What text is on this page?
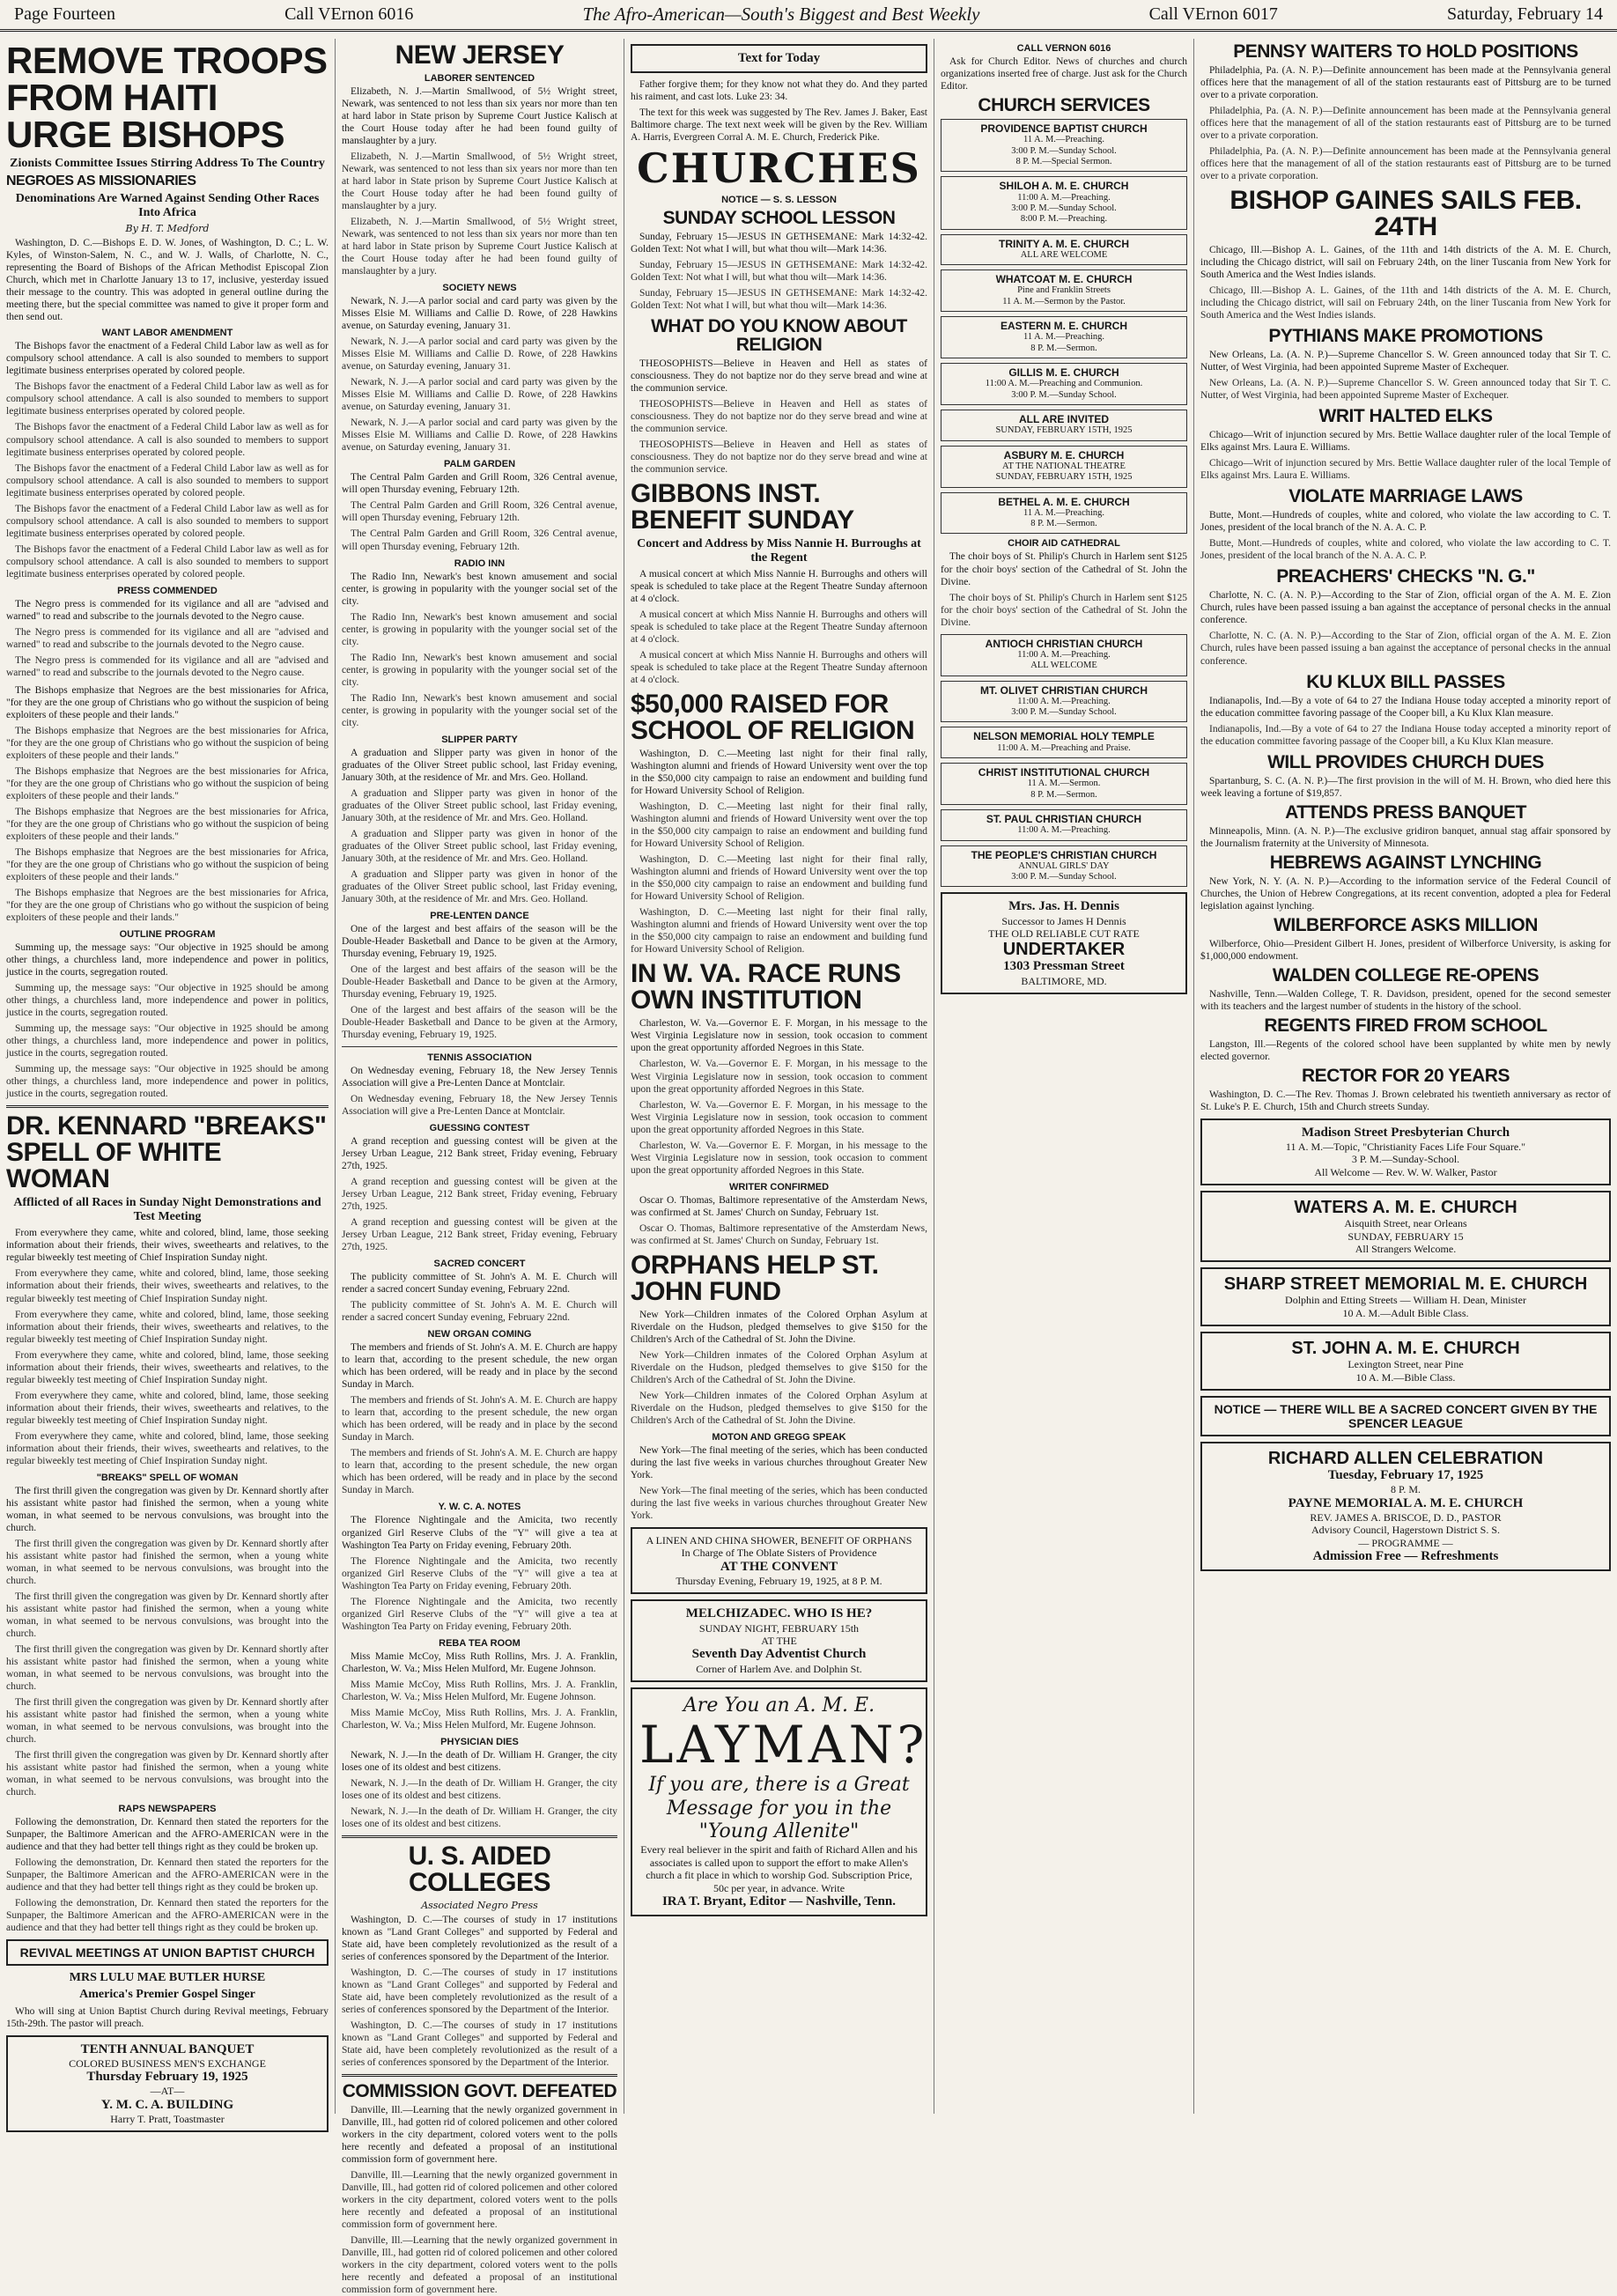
Page Fourteen	Call VErnon 6016	The Afro-American—South's Biggest and Best Weekly	Call VErnon 6017	Saturday, February 14
REMOVE TROOPS FROM HAITI URGE BISHOPS
Zionists Committee Issues Stirring Address To The Country
NEGROES AS MISSIONARIES
Denominations Are Warned Against Sending Other Races Into Africa
By H. T. Medford

Washington, D. C.—Bishops E. D. W. Jones, of Washington, D. C.; L. W. Kyles, of Winston-Salem, N. C., and W. J. Walls, of Charlotte, N. C., representing the Board of Bishops of the African Methodist Episcopal Zion Church, which met in Charlotte January 13 to 17, inclusive, yesterday issued their message to the country. This was adopted in general outline during the meeting there, but the special committee was named to give it proper form and then send out.

WANT LABOR AMENDMENT

The Bishops favor the enactment of a Federal Child Labor law as well as for compulsory school attendance. A call is also sounded to members to support legitimate business enterprises operated by colored people.

The Bishops favor the enactment of a Federal Child Labor law as well as for compulsory school attendance. A call is also sounded to members to support legitimate business enterprises operated by colored people.

The Bishops favor the enactment of a Federal Child Labor law as well as for compulsory school attendance. A call is also sounded to members to support legitimate business enterprises operated by colored people.

The Bishops favor the enactment of a Federal Child Labor law as well as for compulsory school attendance. A call is also sounded to members to support legitimate business enterprises operated by colored people.

The Bishops favor the enactment of a Federal Child Labor law as well as for compulsory school attendance. A call is also sounded to members to support legitimate business enterprises operated by colored people.

The Bishops favor the enactment of a Federal Child Labor law as well as for compulsory school attendance. A call is also sounded to members to support legitimate business enterprises operated by colored people.

PRESS COMMENDED

The Negro press is commended for its vigilance and all are "advised and warned" to read and subscribe to the journals devoted to the Negro cause.

The Negro press is commended for its vigilance and all are "advised and warned" to read and subscribe to the journals devoted to the Negro cause.

The Negro press is commended for its vigilance and all are "advised and warned" to read and subscribe to the journals devoted to the Negro cause.

The Bishops emphasize that Negroes are the best missionaries for Africa, "for they are the one group of Christians who go without the suspicion of being exploiters of these people and their lands."

The Bishops emphasize that Negroes are the best missionaries for Africa, "for they are the one group of Christians who go without the suspicion of being exploiters of these people and their lands."

The Bishops emphasize that Negroes are the best missionaries for Africa, "for they are the one group of Christians who go without the suspicion of being exploiters of these people and their lands."

The Bishops emphasize that Negroes are the best missionaries for Africa, "for they are the one group of Christians who go without the suspicion of being exploiters of these people and their lands."

The Bishops emphasize that Negroes are the best missionaries for Africa, "for they are the one group of Christians who go without the suspicion of being exploiters of these people and their lands."

The Bishops emphasize that Negroes are the best missionaries for Africa, "for they are the one group of Christians who go without the suspicion of being exploiters of these people and their lands."

OUTLINE PROGRAM

Summing up, the message says: "Our objective in 1925 should be among other things, a churchless land, more independence and power in politics, justice in the courts, segregation routed.

Summing up, the message says: "Our objective in 1925 should be among other things, a churchless land, more independence and power in politics, justice in the courts, segregation routed.

Summing up, the message says: "Our objective in 1925 should be among other things, a churchless land, more independence and power in politics, justice in the courts, segregation routed.

Summing up, the message says: "Our objective in 1925 should be among other things, a churchless land, more independence and power in politics, justice in the courts, segregation routed.

DR. KENNARD "BREAKS" SPELL OF WHITE WOMAN
Afflicted of all Races in Sunday Night Demonstrations and Test Meeting

From everywhere they came, white and colored, blind, lame, those seeking information about their friends, their wives, sweethearts and relatives, to the regular biweekly test meeting of Chief Inspiration Sunday night.

From everywhere they came, white and colored, blind, lame, those seeking information about their friends, their wives, sweethearts and relatives, to the regular biweekly test meeting of Chief Inspiration Sunday night.

From everywhere they came, white and colored, blind, lame, those seeking information about their friends, their wives, sweethearts and relatives, to the regular biweekly test meeting of Chief Inspiration Sunday night.

From everywhere they came, white and colored, blind, lame, those seeking information about their friends, their wives, sweethearts and relatives, to the regular biweekly test meeting of Chief Inspiration Sunday night.

From everywhere they came, white and colored, blind, lame, those seeking information about their friends, their wives, sweethearts and relatives, to the regular biweekly test meeting of Chief Inspiration Sunday night.

From everywhere they came, white and colored, blind, lame, those seeking information about their friends, their wives, sweethearts and relatives, to the regular biweekly test meeting of Chief Inspiration Sunday night.

"BREAKS" SPELL OF WOMAN

The first thrill given the congregation was given by Dr. Kennard shortly after his assistant white pastor had finished the sermon, when a young white woman, in what seemed to be nervous convulsions, was brought into the church.

The first thrill given the congregation was given by Dr. Kennard shortly after his assistant white pastor had finished the sermon, when a young white woman, in what seemed to be nervous convulsions, was brought into the church.

The first thrill given the congregation was given by Dr. Kennard shortly after his assistant white pastor had finished the sermon, when a young white woman, in what seemed to be nervous convulsions, was brought into the church.

The first thrill given the congregation was given by Dr. Kennard shortly after his assistant white pastor had finished the sermon, when a young white woman, in what seemed to be nervous convulsions, was brought into the church.

The first thrill given the congregation was given by Dr. Kennard shortly after his assistant white pastor had finished the sermon, when a young white woman, in what seemed to be nervous convulsions, was brought into the church.

The first thrill given the congregation was given by Dr. Kennard shortly after his assistant white pastor had finished the sermon, when a young white woman, in what seemed to be nervous convulsions, was brought into the church.

RAPS NEWSPAPERS

Following the demonstration, Dr. Kennard then stated the reporters for the Sunpaper, the Baltimore American and the AFRO-AMERICAN were in the audience and that they had better tell things right as they could be broken up.

Following the demonstration, Dr. Kennard then stated the reporters for the Sunpaper, the Baltimore American and the AFRO-AMERICAN were in the audience and that they had better tell things right as they could be broken up.

Following the demonstration, Dr. Kennard then stated the reporters for the Sunpaper, the Baltimore American and the AFRO-AMERICAN were in the audience and that they had better tell things right as they could be broken up.

REVIVAL MEETINGS AT UNION BAPTIST CHURCH
MRS LULU MAE BUTLER HURSE
America's Premier Gospel Singer

Who will sing at Union Baptist Church during Revival meetings, February 15th-29th. The pastor will preach.

TENTH ANNUAL BANQUET
COLORED BUSINESS MEN'S EXCHANGE
Thursday February 19, 1925
—AT—
Y. M. C. A. BUILDING
Harry T. Pratt, Toastmaster
NEW JERSEY
LABORER SENTENCED

Elizabeth, N. J.—Martin Smallwood, of 5½ Wright street, Newark, was sentenced to not less than six years nor more than ten at hard labor in State prison by Supreme Court Justice Kalisch at the Court House today after he had been found guilty of manslaughter by a jury.

Elizabeth, N. J.—Martin Smallwood, of 5½ Wright street, Newark, was sentenced to not less than six years nor more than ten at hard labor in State prison by Supreme Court Justice Kalisch at the Court House today after he had been found guilty of manslaughter by a jury.

Elizabeth, N. J.—Martin Smallwood, of 5½ Wright street, Newark, was sentenced to not less than six years nor more than ten at hard labor in State prison by Supreme Court Justice Kalisch at the Court House today after he had been found guilty of manslaughter by a jury.

SOCIETY NEWS

Newark, N. J.—A parlor social and card party was given by the Misses Elsie M. Williams and Callie D. Rowe, of 228 Hawkins avenue, on Saturday evening, January 31.

Newark, N. J.—A parlor social and card party was given by the Misses Elsie M. Williams and Callie D. Rowe, of 228 Hawkins avenue, on Saturday evening, January 31.

Newark, N. J.—A parlor social and card party was given by the Misses Elsie M. Williams and Callie D. Rowe, of 228 Hawkins avenue, on Saturday evening, January 31.

Newark, N. J.—A parlor social and card party was given by the Misses Elsie M. Williams and Callie D. Rowe, of 228 Hawkins avenue, on Saturday evening, January 31.

PALM GARDEN

The Central Palm Garden and Grill Room, 326 Central avenue, will open Thursday evening, February 12th.

The Central Palm Garden and Grill Room, 326 Central avenue, will open Thursday evening, February 12th.

The Central Palm Garden and Grill Room, 326 Central avenue, will open Thursday evening, February 12th.

RADIO INN

The Radio Inn, Newark's best known amusement and social center, is growing in popularity with the younger social set of the city.

The Radio Inn, Newark's best known amusement and social center, is growing in popularity with the younger social set of the city.

The Radio Inn, Newark's best known amusement and social center, is growing in popularity with the younger social set of the city.

The Radio Inn, Newark's best known amusement and social center, is growing in popularity with the younger social set of the city.

SLIPPER PARTY

A graduation and Slipper party was given in honor of the graduates of the Oliver Street public school, last Friday evening, January 30th, at the residence of Mr. and Mrs. Geo. Holland.

A graduation and Slipper party was given in honor of the graduates of the Oliver Street public school, last Friday evening, January 30th, at the residence of Mr. and Mrs. Geo. Holland.

A graduation and Slipper party was given in honor of the graduates of the Oliver Street public school, last Friday evening, January 30th, at the residence of Mr. and Mrs. Geo. Holland.

A graduation and Slipper party was given in honor of the graduates of the Oliver Street public school, last Friday evening, January 30th, at the residence of Mr. and Mrs. Geo. Holland.

PRE-LENTEN DANCE

One of the largest and best affairs of the season will be the Double-Header Basketball and Dance to be given at the Armory, Thursday evening, February 19, 1925.

One of the largest and best affairs of the season will be the Double-Header Basketball and Dance to be given at the Armory, Thursday evening, February 19, 1925.

One of the largest and best affairs of the season will be the Double-Header Basketball and Dance to be given at the Armory, Thursday evening, February 19, 1925.

TENNIS ASSOCIATION

On Wednesday evening, February 18, the New Jersey Tennis Association will give a Pre-Lenten Dance at Montclair.

On Wednesday evening, February 18, the New Jersey Tennis Association will give a Pre-Lenten Dance at Montclair.

GUESSING CONTEST

A grand reception and guessing contest will be given at the Jersey Urban League, 212 Bank street, Friday evening, February 27th, 1925.

A grand reception and guessing contest will be given at the Jersey Urban League, 212 Bank street, Friday evening, February 27th, 1925.

A grand reception and guessing contest will be given at the Jersey Urban League, 212 Bank street, Friday evening, February 27th, 1925.

SACRED CONCERT

The publicity committee of St. John's A. M. E. Church will render a sacred concert Sunday evening, February 22nd.

The publicity committee of St. John's A. M. E. Church will render a sacred concert Sunday evening, February 22nd.

NEW ORGAN COMING

The members and friends of St. John's A. M. E. Church are happy to learn that, according to the present schedule, the new organ which has been ordered, will be ready and in place by the second Sunday in March.

The members and friends of St. John's A. M. E. Church are happy to learn that, according to the present schedule, the new organ which has been ordered, will be ready and in place by the second Sunday in March.

The members and friends of St. John's A. M. E. Church are happy to learn that, according to the present schedule, the new organ which has been ordered, will be ready and in place by the second Sunday in March.

Y. W. C. A. NOTES

The Florence Nightingale and the Amicita, two recently organized Girl Reserve Clubs of the "Y" will give a tea at Washington Tea Party on Friday evening, February 20th.

The Florence Nightingale and the Amicita, two recently organized Girl Reserve Clubs of the "Y" will give a tea at Washington Tea Party on Friday evening, February 20th.

The Florence Nightingale and the Amicita, two recently organized Girl Reserve Clubs of the "Y" will give a tea at Washington Tea Party on Friday evening, February 20th.

REBA TEA ROOM

Miss Mamie McCoy, Miss Ruth Rollins, Mrs. J. A. Franklin, Charleston, W. Va.; Miss Helen Mulford, Mr. Eugene Johnson.

Miss Mamie McCoy, Miss Ruth Rollins, Mrs. J. A. Franklin, Charleston, W. Va.; Miss Helen Mulford, Mr. Eugene Johnson.

Miss Mamie McCoy, Miss Ruth Rollins, Mrs. J. A. Franklin, Charleston, W. Va.; Miss Helen Mulford, Mr. Eugene Johnson.

PHYSICIAN DIES

Newark, N. J.—In the death of Dr. William H. Granger, the city loses one of its oldest and best citizens.

Newark, N. J.—In the death of Dr. William H. Granger, the city loses one of its oldest and best citizens.

Newark, N. J.—In the death of Dr. William H. Granger, the city loses one of its oldest and best citizens.

U. S. AIDED COLLEGES
Associated Negro Press

Washington, D. C.—The courses of study in 17 institutions known as "Land Grant Colleges" and supported by Federal and State aid, have been completely revolutionized as the result of a series of conferences sponsored by the Department of the Interior.

Washington, D. C.—The courses of study in 17 institutions known as "Land Grant Colleges" and supported by Federal and State aid, have been completely revolutionized as the result of a series of conferences sponsored by the Department of the Interior.

Washington, D. C.—The courses of study in 17 institutions known as "Land Grant Colleges" and supported by Federal and State aid, have been completely revolutionized as the result of a series of conferences sponsored by the Department of the Interior.

COMMISSION GOVT. DEFEATED

Danville, Ill.—Learning that the newly organized government in Danville, Ill., had gotten rid of colored policemen and other colored workers in the city department, colored voters went to the polls here recently and defeated a proposal of an institutional commission form of government here.

Danville, Ill.—Learning that the newly organized government in Danville, Ill., had gotten rid of colored policemen and other colored workers in the city department, colored voters went to the polls here recently and defeated a proposal of an institutional commission form of government here.

Danville, Ill.—Learning that the newly organized government in Danville, Ill., had gotten rid of colored policemen and other colored workers in the city department, colored voters went to the polls here recently and defeated a proposal of an institutional commission form of government here.

Text for Today

Father forgive them; for they know not what they do. And they parted his raiment, and cast lots. Luke 23: 34.

The text for this week was suggested by The Rev. James J. Baker, East Baltimore charge. The text next week will be given by the Rev. William A. Harris, Evergreen Corral A. M. E. Church, Frederick Pike.

CHURCHES
NOTICE — S. S. LESSON
SUNDAY SCHOOL LESSON

Sunday, February 15—JESUS IN GETHSEMANE: Mark 14:32-42. Golden Text: Not what I will, but what thou wilt—Mark 14:36.

Sunday, February 15—JESUS IN GETHSEMANE: Mark 14:32-42. Golden Text: Not what I will, but what thou wilt—Mark 14:36.

Sunday, February 15—JESUS IN GETHSEMANE: Mark 14:32-42. Golden Text: Not what I will, but what thou wilt—Mark 14:36.

WHAT DO YOU KNOW ABOUT RELIGION

THEOSOPHISTS—Believe in Heaven and Hell as states of consciousness. They do not baptize nor do they serve bread and wine at the communion service.

THEOSOPHISTS—Believe in Heaven and Hell as states of consciousness. They do not baptize nor do they serve bread and wine at the communion service.

THEOSOPHISTS—Believe in Heaven and Hell as states of consciousness. They do not baptize nor do they serve bread and wine at the communion service.

GIBBONS INST. BENEFIT SUNDAY
Concert and Address by Miss Nannie H. Burroughs at the Regent

A musical concert at which Miss Nannie H. Burroughs and others will speak is scheduled to take place at the Regent Theatre Sunday afternoon at 4 o'clock.

A musical concert at which Miss Nannie H. Burroughs and others will speak is scheduled to take place at the Regent Theatre Sunday afternoon at 4 o'clock.

A musical concert at which Miss Nannie H. Burroughs and others will speak is scheduled to take place at the Regent Theatre Sunday afternoon at 4 o'clock.

$50,000 RAISED FOR SCHOOL OF RELIGION

Washington, D. C.—Meeting last night for their final rally, Washington alumni and friends of Howard University went over the top in the $50,000 city campaign to raise an endowment and building fund for Howard University School of Religion.

Washington, D. C.—Meeting last night for their final rally, Washington alumni and friends of Howard University went over the top in the $50,000 city campaign to raise an endowment and building fund for Howard University School of Religion.

Washington, D. C.—Meeting last night for their final rally, Washington alumni and friends of Howard University went over the top in the $50,000 city campaign to raise an endowment and building fund for Howard University School of Religion.

Washington, D. C.—Meeting last night for their final rally, Washington alumni and friends of Howard University went over the top in the $50,000 city campaign to raise an endowment and building fund for Howard University School of Religion.

IN W. VA. RACE RUNS OWN INSTITUTION

Charleston, W. Va.—Governor E. F. Morgan, in his message to the West Virginia Legislature now in session, took occasion to comment upon the great opportunity afforded Negroes in this State.

Charleston, W. Va.—Governor E. F. Morgan, in his message to the West Virginia Legislature now in session, took occasion to comment upon the great opportunity afforded Negroes in this State.

Charleston, W. Va.—Governor E. F. Morgan, in his message to the West Virginia Legislature now in session, took occasion to comment upon the great opportunity afforded Negroes in this State.

Charleston, W. Va.—Governor E. F. Morgan, in his message to the West Virginia Legislature now in session, took occasion to comment upon the great opportunity afforded Negroes in this State.

WRITER CONFIRMED

Oscar O. Thomas, Baltimore representative of the Amsterdam News, was confirmed at St. James' Church on Sunday, February 1st.

Oscar O. Thomas, Baltimore representative of the Amsterdam News, was confirmed at St. James' Church on Sunday, February 1st.

ORPHANS HELP ST. JOHN FUND

New York—Children inmates of the Colored Orphan Asylum at Riverdale on the Hudson, pledged themselves to give $150 for the Children's Arch of the Cathedral of St. John the Divine.

New York—Children inmates of the Colored Orphan Asylum at Riverdale on the Hudson, pledged themselves to give $150 for the Children's Arch of the Cathedral of St. John the Divine.

New York—Children inmates of the Colored Orphan Asylum at Riverdale on the Hudson, pledged themselves to give $150 for the Children's Arch of the Cathedral of St. John the Divine.

MOTON AND GREGG SPEAK

New York—The final meeting of the series, which has been conducted during the last five weeks in various churches throughout Greater New York.

New York—The final meeting of the series, which has been conducted during the last five weeks in various churches throughout Greater New York.

A LINEN AND CHINA SHOWER, BENEFIT OF ORPHANS
In Charge of The Oblate Sisters of Providence
AT THE CONVENT
Thursday Evening, February 19, 1925, at 8 P. M.
MELCHIZADEC. WHO IS HE?
SUNDAY NIGHT, FEBRUARY 15th
AT THE
Seventh Day Adventist Church
Corner of Harlem Ave. and Dolphin St.
Are You an A. M. E.
LAYMAN?
If you are, there is a Great Message for you in the
"Young Allenite"
Every real believer in the spirit and faith of Richard Allen and his associates is called upon to support the effort to make Allen's church a fit place in which to worship God. Subscription Price, 50c per year, in advance. Write
IRA T. Bryant, Editor — Nashville, Tenn.
CALL VERNON 6016

Ask for Church Editor. News of churches and church organizations inserted free of charge. Just ask for the Church Editor.

CHURCH SERVICES
PROVIDENCE BAPTIST CHURCH
11 A. M.—Preaching.
3:00 P. M.—Sunday School.
8 P. M.—Special Sermon.
SHILOH A. M. E. CHURCH
11:00 A. M.—Preaching.
3:00 P. M.—Sunday School.
8:00 P. M.—Preaching.
TRINITY A. M. E. CHURCH
ALL ARE WELCOME
WHATCOAT M. E. CHURCH
Pine and Franklin Streets
11 A. M.—Sermon by the Pastor.
EASTERN M. E. CHURCH
11 A. M.—Preaching.
8 P. M.—Sermon.
GILLIS M. E. CHURCH
11:00 A. M.—Preaching and Communion.
3:00 P. M.—Sunday School.
ALL ARE INVITED
SUNDAY, FEBRUARY 15TH, 1925
ASBURY M. E. CHURCH
AT THE NATIONAL THEATRE
SUNDAY, FEBRUARY 15TH, 1925
BETHEL A. M. E. CHURCH
11 A. M.—Preaching.
8 P. M.—Sermon.
CHOIR AID CATHEDRAL

The choir boys of St. Philip's Church in Harlem sent $125 for the choir boys' section of the Cathedral of St. John the Divine.

The choir boys of St. Philip's Church in Harlem sent $125 for the choir boys' section of the Cathedral of St. John the Divine.

ANTIOCH CHRISTIAN CHURCH
11:00 A. M.—Preaching.
ALL WELCOME
MT. OLIVET CHRISTIAN CHURCH
11:00 A. M.—Preaching.
3:00 P. M.—Sunday School.
NELSON MEMORIAL HOLY TEMPLE
11:00 A. M.—Preaching and Praise.
CHRIST INSTITUTIONAL CHURCH
11 A. M.—Sermon.
8 P. M.—Sermon.
ST. PAUL CHRISTIAN CHURCH
11:00 A. M.—Preaching.
THE PEOPLE'S CHRISTIAN CHURCH
ANNUAL GIRLS' DAY
3:00 P. M.—Sunday School.
Mrs. Jas. H. Dennis
Successor to James H Dennis
THE OLD RELIABLE CUT RATE
UNDERTAKER
1303 Pressman Street
BALTIMORE, MD.
PENNSY WAITERS TO HOLD POSITIONS

Philadelphia, Pa. (A. N. P.)—Definite announcement has been made at the Pennsylvania general offices here that the management of all of the station restaurants east of Pittsburg are to be turned over to a private corporation.

Philadelphia, Pa. (A. N. P.)—Definite announcement has been made at the Pennsylvania general offices here that the management of all of the station restaurants east of Pittsburg are to be turned over to a private corporation.

Philadelphia, Pa. (A. N. P.)—Definite announcement has been made at the Pennsylvania general offices here that the management of all of the station restaurants east of Pittsburg are to be turned over to a private corporation.

BISHOP GAINES SAILS FEB. 24TH

Chicago, Ill.—Bishop A. L. Gaines, of the 11th and 14th districts of the A. M. E. Church, including the Chicago district, will sail on February 24th, on the liner Tuscania from New York for South America and the West Indies islands.

Chicago, Ill.—Bishop A. L. Gaines, of the 11th and 14th districts of the A. M. E. Church, including the Chicago district, will sail on February 24th, on the liner Tuscania from New York for South America and the West Indies islands.

PYTHIANS MAKE PROMOTIONS

New Orleans, La. (A. N. P.)—Supreme Chancellor S. W. Green announced today that Sir T. C. Nutter, of West Virginia, had been appointed Supreme Master of Exchequer.

New Orleans, La. (A. N. P.)—Supreme Chancellor S. W. Green announced today that Sir T. C. Nutter, of West Virginia, had been appointed Supreme Master of Exchequer.

WRIT HALTED ELKS

Chicago—Writ of injunction secured by Mrs. Bettie Wallace daughter ruler of the local Temple of Elks against Mrs. Laura E. Williams.

Chicago—Writ of injunction secured by Mrs. Bettie Wallace daughter ruler of the local Temple of Elks against Mrs. Laura E. Williams.

VIOLATE MARRIAGE LAWS

Butte, Mont.—Hundreds of couples, white and colored, who violate the law according to C. T. Jones, president of the local branch of the N. A. A. C. P.

Butte, Mont.—Hundreds of couples, white and colored, who violate the law according to C. T. Jones, president of the local branch of the N. A. A. C. P.

PREACHERS' CHECKS "N. G."

Charlotte, N. C. (A. N. P.)—According to the Star of Zion, official organ of the A. M. E. Zion Church, rules have been passed issuing a ban against the acceptance of personal checks in the annual conference.

Charlotte, N. C. (A. N. P.)—According to the Star of Zion, official organ of the A. M. E. Zion Church, rules have been passed issuing a ban against the acceptance of personal checks in the annual conference.

KU KLUX BILL PASSES

Indianapolis, Ind.—By a vote of 64 to 27 the Indiana House today accepted a minority report of the education committee favoring passage of the Cooper bill, a Ku Klux Klan measure.

Indianapolis, Ind.—By a vote of 64 to 27 the Indiana House today accepted a minority report of the education committee favoring passage of the Cooper bill, a Ku Klux Klan measure.

WILL PROVIDES CHURCH DUES

Spartanburg, S. C. (A. N. P.)—The first provision in the will of M. H. Brown, who died here this week leaving a fortune of $19,857.

ATTENDS PRESS BANQUET

Minneapolis, Minn. (A. N. P.)—The exclusive gridiron banquet, annual stag affair sponsored by the Journalism fraternity at the University of Minnesota.

HEBREWS AGAINST LYNCHING

New York, N. Y. (A. N. P.)—According to the information service of the Federal Council of Churches, the Union of Hebrew Congregations, at its recent convention, adopted a plea for Federal legislation against lynching.

WILBERFORCE ASKS MILLION

Wilberforce, Ohio—President Gilbert H. Jones, president of Wilberforce University, is asking for $1,000,000 endowment.

WALDEN COLLEGE RE-OPENS

Nashville, Tenn.—Walden College, T. R. Davidson, president, opened for the second semester with its teachers and the largest number of students in the history of the school.

REGENTS FIRED FROM SCHOOL

Langston, Ill.—Regents of the colored school have been supplanted by white men by newly elected governor.

RECTOR FOR 20 YEARS

Washington, D. C.—The Rev. Thomas J. Brown celebrated his twentieth anniversary as rector of St. Luke's P. E. Church, 15th and Church streets Sunday.

Madison Street Presbyterian Church
11 A. M.—Topic, "Christianity Faces Life Four Square."
3 P. M.—Sunday-School.
All Welcome — Rev. W. W. Walker, Pastor
WATERS A. M. E. CHURCH
Aisquith Street, near Orleans
SUNDAY, FEBRUARY 15
All Strangers Welcome.
SHARP STREET MEMORIAL M. E. CHURCH
Dolphin and Etting Streets — William H. Dean, Minister
10 A. M.—Adult Bible Class.
ST. JOHN A. M. E. CHURCH
Lexington Street, near Pine
10 A. M.—Bible Class.
NOTICE — THERE WILL BE A SACRED CONCERT GIVEN BY THE SPENCER LEAGUE
RICHARD ALLEN CELEBRATION
Tuesday, February 17, 1925
8 P. M.
PAYNE MEMORIAL A. M. E. CHURCH
REV. JAMES A. BRISCOE, D. D., PASTOR
Advisory Council, Hagerstown District S. S.
— PROGRAMME —
Admission Free — Refreshments
